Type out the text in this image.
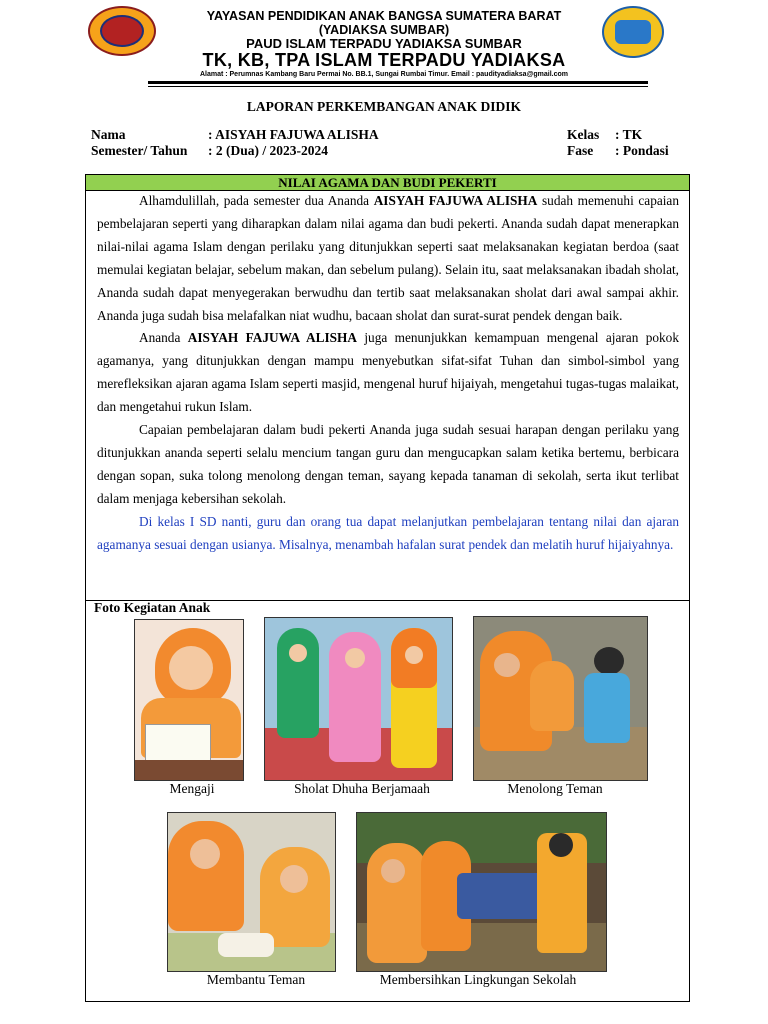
YAYASAN PENDIDIKAN ANAK BANGSA SUMATERA BARAT
(YADIAKSA SUMBAR)
PAUD ISLAM TERPADU YADIAKSA SUMBAR
TK, KB, TPA ISLAM TERPADU YADIAKSA
Alamat : Perumnas Kambang Baru Permai No. BB.1, Sungai Rumbai Timur. Email : paudityadiaksa@gmail.com
LAPORAN PERKEMBANGAN ANAK DIDIK
Nama	: AISYAH FAJUWA ALISHA
Semester/ Tahun : 2 (Dua) / 2023-2024
Kelas : TK
Fase : Pondasi
NILAI AGAMA DAN BUDI PEKERTI

Alhamdulillah, pada semester dua Ananda AISYAH FAJUWA ALISHA sudah memenuhi capaian pembelajaran seperti yang diharapkan dalam nilai agama dan budi pekerti. Ananda sudah dapat menerapkan nilai-nilai agama Islam dengan perilaku yang ditunjukkan seperti saat melaksanakan kegiatan berdoa (saat memulai kegiatan belajar, sebelum makan, dan sebelum pulang). Selain itu, saat melaksanakan ibadah sholat, Ananda sudah dapat menyegerakan berwudhu dan tertib saat melaksanakan sholat dari awal sampai akhir. Ananda juga sudah bisa melafalkan niat wudhu, bacaan sholat dan surat-surat pendek dengan baik.

Ananda AISYAH FAJUWA ALISHA juga menunjukkan kemampuan mengenal ajaran pokok agamanya, yang ditunjukkan dengan mampu menyebutkan sifat-sifat Tuhan dan simbol-simbol yang merefleksikan ajaran agama Islam seperti masjid, mengenal huruf hijaiyah, mengetahui tugas-tugas malaikat, dan mengetahui rukun Islam.

Capaian pembelajaran dalam budi pekerti Ananda juga sudah sesuai harapan dengan perilaku yang ditunjukkan ananda seperti selalu mencium tangan guru dan mengucapkan salam ketika bertemu, berbicara dengan sopan, suka tolong menolong dengan teman, sayang kepada tanaman di sekolah, serta ikut terlibat dalam menjaga kebersihan sekolah.

Di kelas I SD nanti, guru dan orang tua dapat melanjutkan pembelajaran tentang nilai dan ajaran agamanya sesuai dengan usianya. Misalnya, menambah hafalan surat pendek dan melatih huruf hijaiyahnya.

Foto Kegiatan Anak
Mengaji	Sholat Dhuha Berjamaah	Menolong Teman
Membantu Teman	Membersihkan Lingkungan Sekolah
